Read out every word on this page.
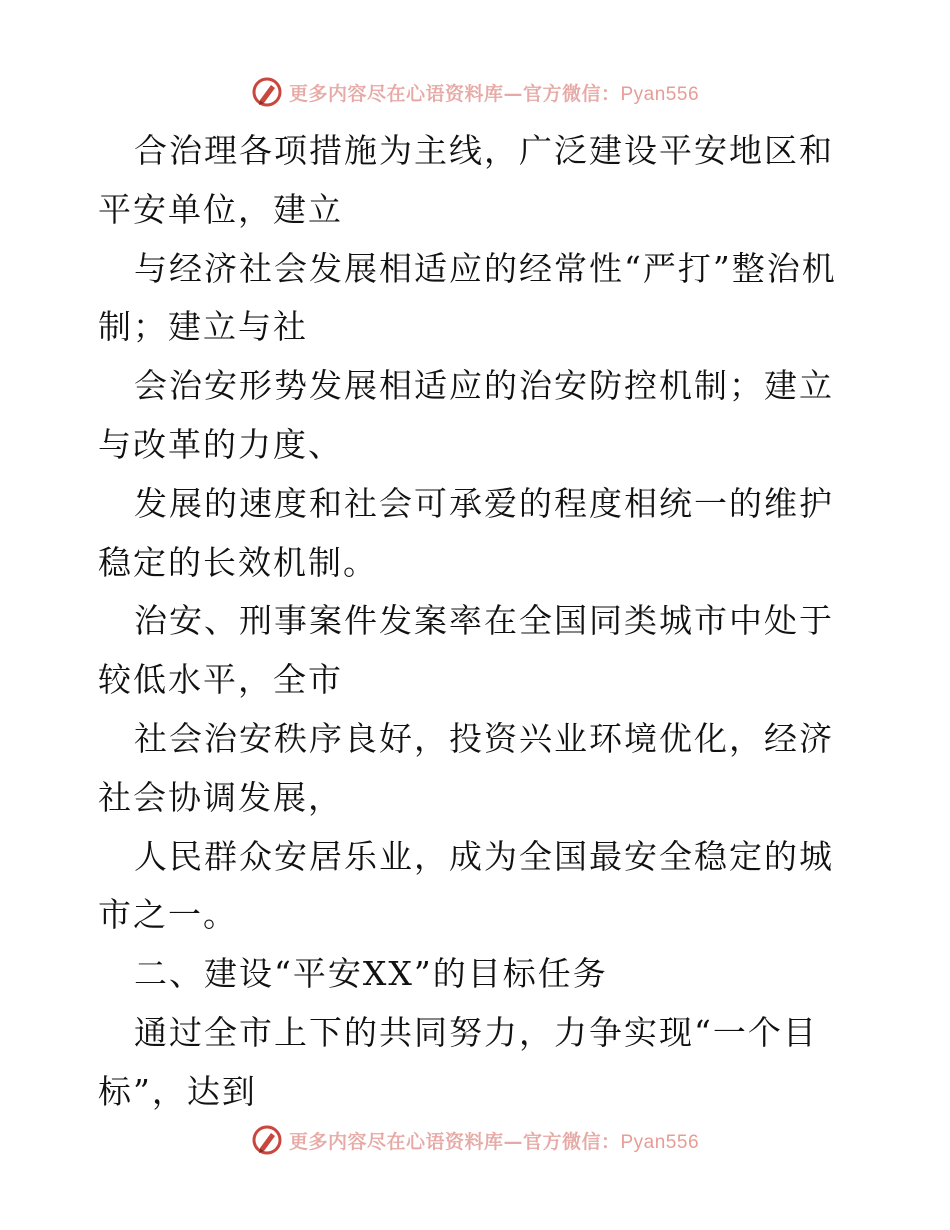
更多内容尽在心语资料库—官方微信：Pyan556

合治理各项措施为主线，广泛建设平安地区和平安单位，建立

与经济社会发展相适应的经常性“严打”整治机制；建立与社

会治安形势发展相适应的治安防控机制；建立与改革的力度、

发展的速度和社会可承爱的程度相统一的维护稳定的长效机制。

治安、刑事案件发案率在全国同类城市中处于较低水平，全市

社会治安秩序良好，投资兴业环境优化，经济社会协调发展，

人民群众安居乐业，成为全国最安全稳定的城市之一。

二、建设“平安XX”的目标任务

通过全市上下的共同努力，力争实现“一个目标”，达到

更多内容尽在心语资料库—官方微信：Pyan556
